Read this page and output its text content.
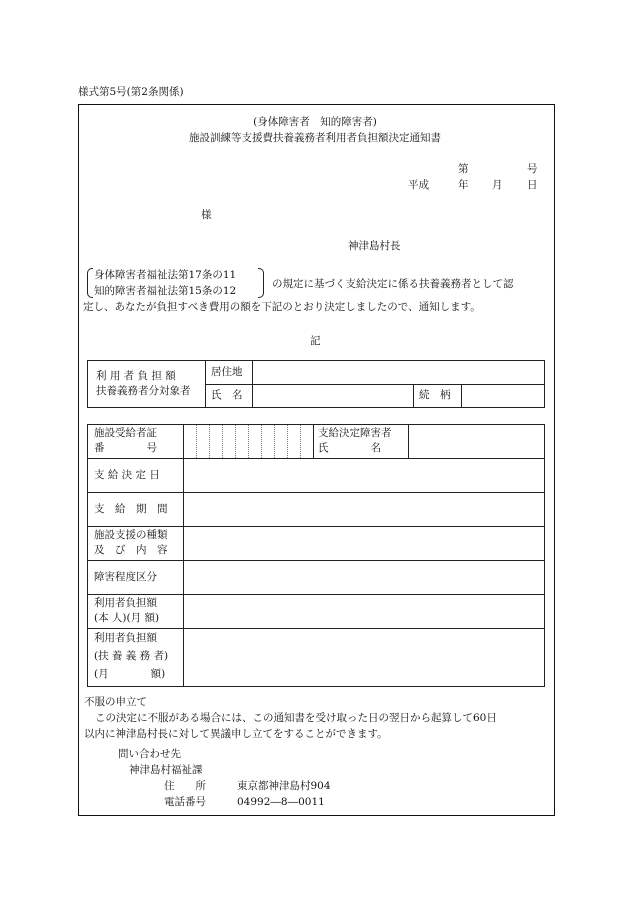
様式第5号(第2条関係)
(身体障害者　知的障害者)
施設訓練等支援費扶養義務者利用者負担額決定通知書
第	号
平成	年 月 日
様
神津島村長
身体障害者福祉法第17条の11
知的障害者福祉法第15条の12
の規定に基づく支給決定に係る扶養義務者として認
定し、あなたが負担すべき費用の額を下記のとおり決定しましたので、通知します。
記
利 用 者 負 担 額
扶養義務者分対象者
居住地
氏　名	続　柄
施設受給者証
番　　　　号
支給決定障害者
氏　　　　名
支 給 決 定 日
支　給　期　間
施設支援の種類
及　び　内　容
障害程度区分
利用者負担額
(本 人)(月 額)
利用者負担額
(扶 養 義 務 者)
(月　　　　額)
不服の申立て
この決定に不服がある場合には、この通知書を受け取った日の翌日から起算して60日
以内に神津島村長に対して異議申し立てをすることができます。
問い合わせ先
神津島村福祉課
住　　所	東京都神津島村904
電話番号	04992―8―0011
